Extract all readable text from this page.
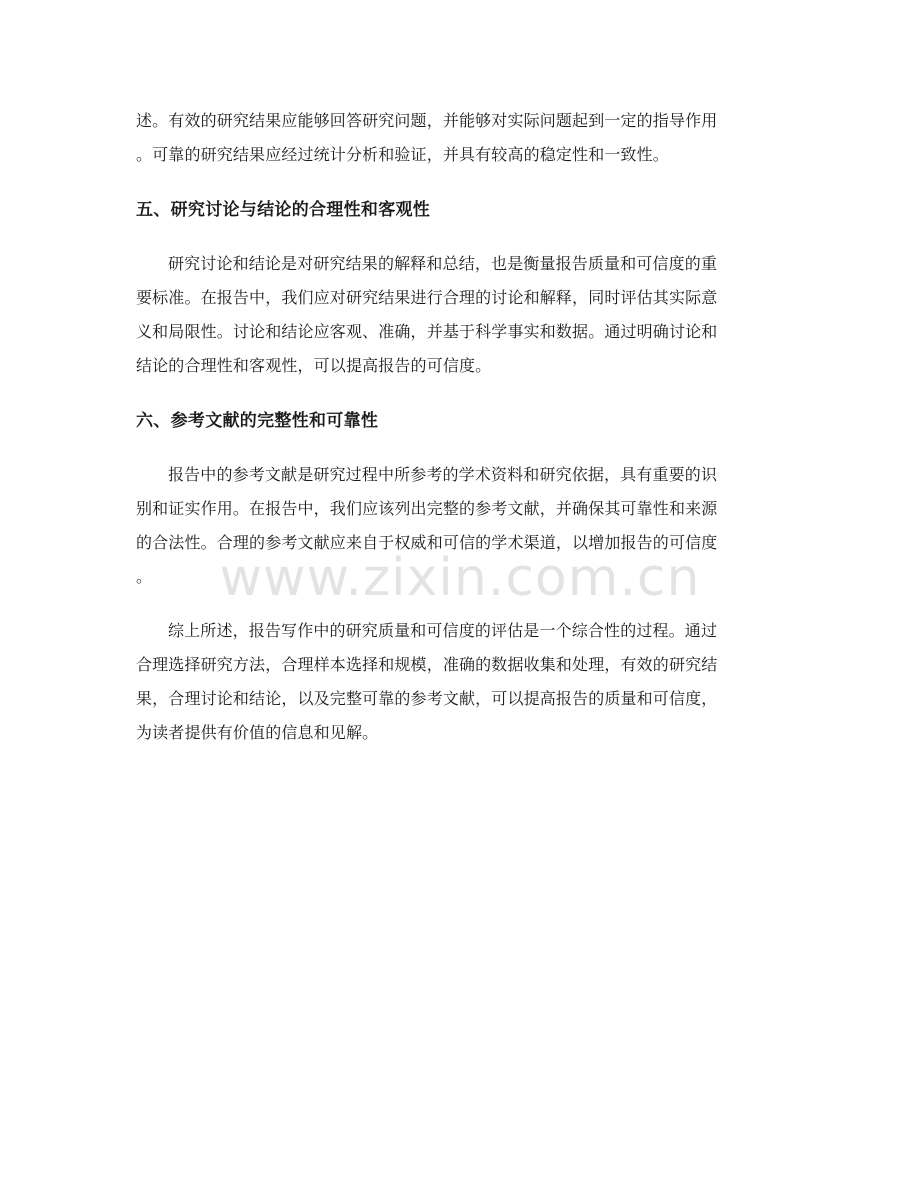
述。有效的研究结果应能够回答研究问题，并能够对实际问题起到一定的指导作用
。可靠的研究结果应经过统计分析和验证，并具有较高的稳定性和一致性。
五、研究讨论与结论的合理性和客观性
研究讨论和结论是对研究结果的解释和总结，也是衡量报告质量和可信度的重
要标准。在报告中，我们应对研究结果进行合理的讨论和解释，同时评估其实际意
义和局限性。讨论和结论应客观、准确，并基于科学事实和数据。通过明确讨论和
结论的合理性和客观性，可以提高报告的可信度。
六、参考文献的完整性和可靠性
报告中的参考文献是研究过程中所参考的学术资料和研究依据，具有重要的识
别和证实作用。在报告中，我们应该列出完整的参考文献，并确保其可靠性和来源
的合法性。合理的参考文献应来自于权威和可信的学术渠道，以增加报告的可信度
。
综上所述，报告写作中的研究质量和可信度的评估是一个综合性的过程。通过
合理选择研究方法，合理样本选择和规模，准确的数据收集和处理，有效的研究结
果，合理讨论和结论，以及完整可靠的参考文献，可以提高报告的质量和可信度，
为读者提供有价值的信息和见解。
www.zixin.com.cn
